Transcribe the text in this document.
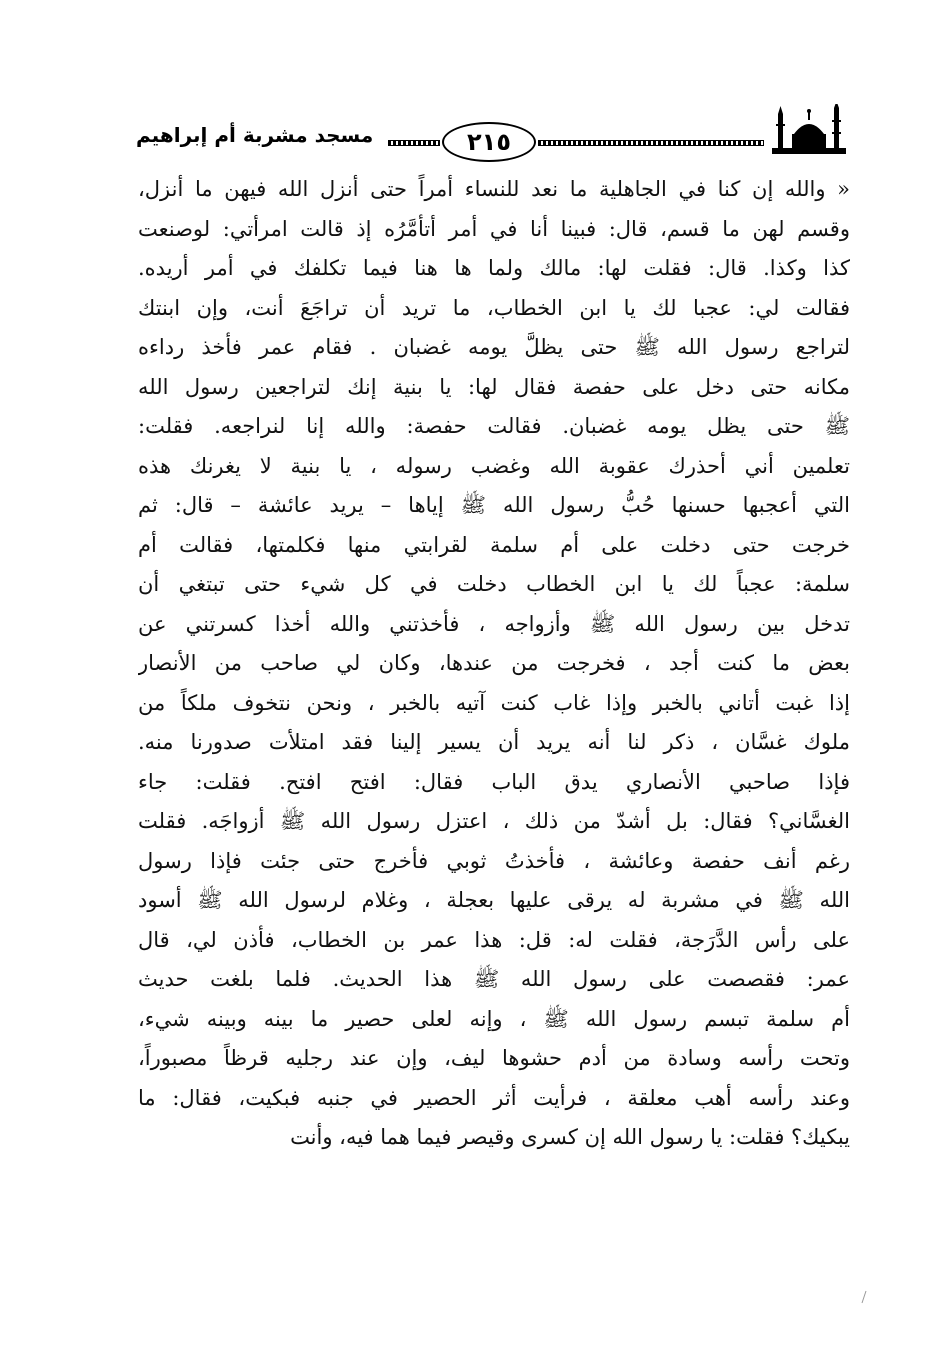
مسجد مشربة أم إبراهيم	٢١٥
« والله إن كنا في الجاهلية ما نعد للنساء أمراً حتى أنزل الله فيهن ما أنزل،
وقسم لهن ما قسم، قال: فبينا أنا في أمر أتأمَّرُه إذ قالت امرأتي: لوصنعت
كذا وكذا. قال: فقلت لها: مالك ولما ها هنا فيما تكلفك في أمر أريده.
فقالت لي: عجبا لك يا ابن الخطاب، ما تريد أن تراجَعَ أنت، وإن ابنتك
لتراجع رسول الله ﷺ حتى يظلَّ يومه غضبان . فقام عمر فأخذ رداءه
مكانه حتى دخل على حفصة فقال لها: يا بنية إنك لتراجعين رسول الله
ﷺ حتى يظل يومه غضبان. فقالت حفصة: والله إنا لنراجعه. فقلت:
تعلمين أني أحذرك عقوبة الله وغضب رسوله ، يا بنية لا يغرنك هذه
التي أعجبها حسنها حُبُّ رسول الله ﷺ إياها – يريد عائشة – قال: ثم
خرجت حتى دخلت على أم سلمة لقرابتي منها فكلمتها، فقالت أم
سلمة: عجباً لك يا ابن الخطاب دخلت في كل شيء حتى تبتغي أن
تدخل بين رسول الله ﷺ وأزواجه ، فأخذتني والله أخذا كسرتني عن
بعض ما كنت أجد ، فخرجت من عندها، وكان لي صاحب من الأنصار
إذا غبت أتاني بالخبر وإذا غاب كنت آتيه بالخبر ، ونحن نتخوف ملكاً من
ملوك غسَّان ، ذكر لنا أنه يريد أن يسير إلينا فقد امتلأت صدورنا منه.
فإذا صاحبي الأنصاري يدق الباب فقال: افتح افتح. فقلت: جاء
الغسَّاني؟ فقال: بل أشدّ من ذلك ، اعتزل رسول الله ﷺ أزواجَه. فقلت
رغم أنف حفصة وعائشة ، فأخذتُ ثوبي فأخرج حتى جئت فإذا رسول
الله ﷺ في مشربة له يرقى عليها بعجلة ، وغلام لرسول الله ﷺ أسود
على رأس الدَّرَجة، فقلت له: قل: هذا عمر بن الخطاب، فأذن لي، قال
عمر: فقصصت على رسول الله ﷺ هذا الحديث. فلما بلغت حديث
أم سلمة تبسم رسول الله ﷺ ، وإنه لعلى حصير ما بينه وبينه شيء،
وتحت رأسه وسادة من أدم حشوها ليف، وإن عند رجليه قرظاً مصبوراً،
وعند رأسه أهب معلقة ، فرأيت أثر الحصير في جنبه فبكيت، فقال: ما
يبكيك؟ فقلت: يا رسول الله إن كسرى وقيصر فيما هما فيه، وأنت
